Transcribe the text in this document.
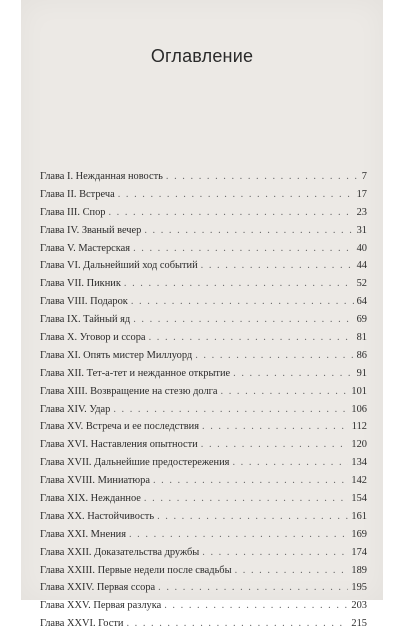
Оглавление
Глава I. Нежданная новость . . .	7
Глава II. Встреча . . .	17
Глава III. Спор . . .	23
Глава IV. Званый вечер . . .	31
Глава V. Мастерская . . .	40
Глава VI. Дальнейший ход событий . . .	44
Глава VII. Пикник . . .	52
Глава VIII. Подарок . . .	64
Глава IX. Тайный яд . . .	69
Глава X. Уговор и ссора . . .	81
Глава XI. Опять мистер Миллуорд . . .	86
Глава XII. Тет-а-тет и нежданное открытие . . .	91
Глава XIII. Возвращение на стезю долга . . .	101
Глава XIV. Удар . . .	106
Глава XV. Встреча и ее последствия . . .	112
Глава XVI. Наставления опытности . . .	120
Глава XVII. Дальнейшие предостережения . . .	134
Глава XVIII. Миниатюра . . .	142
Глава XIX. Нежданное . . .	154
Глава XX. Настойчивость . . .	161
Глава XXI. Мнения . . .	169
Глава XXII. Доказательства дружбы . . .	174
Глава XXIII. Первые недели после свадьбы . . .	189
Глава XXIV. Первая ссора . . .	195
Глава XXV. Первая разлука . . .	203
Глава XXVI. Гости . . .	215
